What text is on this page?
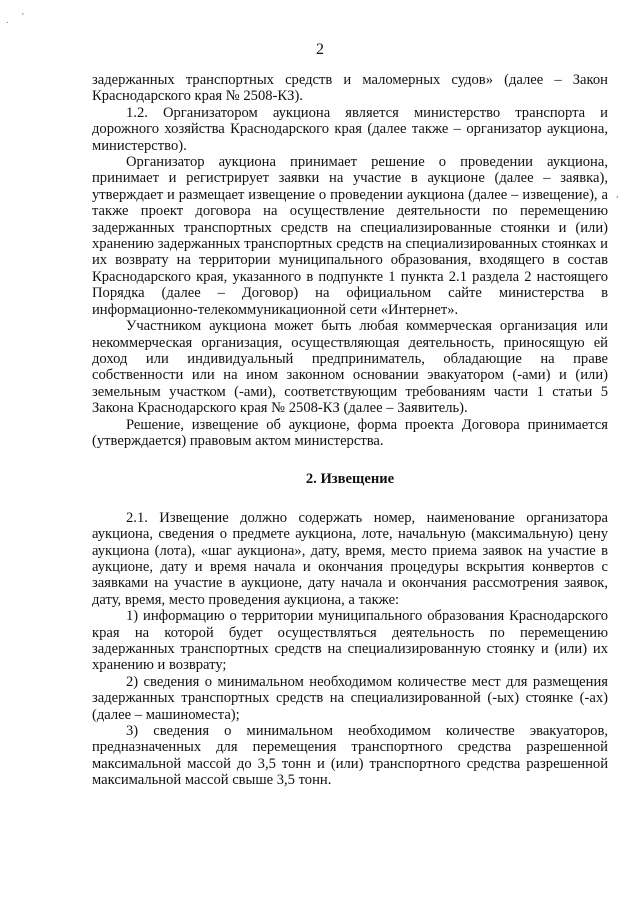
. '
,
2

задержанных транспортных средств и маломерных судов» (далее – Закон Краснодарского края № 2508-КЗ).

1.2. Организатором аукциона является министерство транспорта и дорожного хозяйства Краснодарского края (далее также – организатор аукциона, министерство).

Организатор аукциона принимает решение о проведении аукциона, принимает и регистрирует заявки на участие в аукционе (далее – заявка), утверждает и размещает извещение о проведении аукциона (далее – извещение), а также проект договора на осуществление деятельности по перемещению задержанных транспортных средств на специализированные стоянки и (или) хранению задержанных транспортных средств на специализированных стоянках и их возврату на территории муниципального образования, входящего в состав Краснодарского края, указанного в подпункте 1 пункта 2.1 раздела 2 настоящего Порядка (далее – Договор) на официальном сайте министерства в информационно-телекоммуникационной сети «Интернет».

Участником аукциона может быть любая коммерческая организация или некоммерческая организация, осуществляющая деятельность, приносящую ей доход или индивидуальный предприниматель, обладающие на праве собственности или на ином законном основании эвакуатором (-ами) и (или) земельным участком (-ами), соответствующим требованиям части 1 статьи 5 Закона Краснодарского края № 2508-КЗ (далее – Заявитель).

Решение, извещение об аукционе, форма проекта Договора принимается (утверждается) правовым актом министерства.

2. Извещение

2.1. Извещение должно содержать номер, наименование организатора аукциона, сведения о предмете аукциона, лоте, начальную (максимальную) цену аукциона (лота), «шаг аукциона», дату, время, место приема заявок на участие в аукционе, дату и время начала и окончания процедуры вскрытия конвертов с заявками на участие в аукционе, дату начала и окончания рассмотрения заявок, дату, время, место проведения аукциона, а также:

1) информацию о территории муниципального образования Краснодарского края на которой будет осуществляться деятельность по перемещению задержанных транспортных средств на специализированную стоянку и (или) их хранению и возврату;

2) сведения о минимальном необходимом количестве мест для размещения задержанных транспортных средств на специализированной (-ых) стоянке (-ах) (далее – машиноместа);

3) сведения о минимальном необходимом количестве эвакуаторов, предназначенных для перемещения транспортного средства разрешенной максимальной массой до 3,5 тонн и (или) транспортного средства разрешенной максимальной массой свыше 3,5 тонн.
